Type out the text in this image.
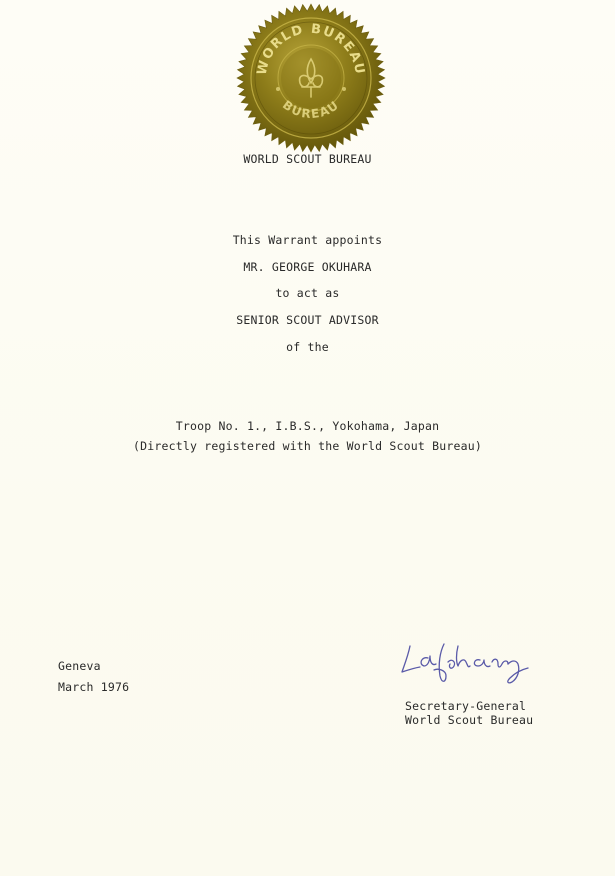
WORLD BUREAU
BUREAU
WORLD SCOUT BUREAU
This Warrant appoints
MR. GEORGE OKUHARA
to act as
SENIOR SCOUT ADVISOR
of the
Troop No. 1., I.B.S., Yokohama, Japan
(Directly registered with the World Scout Bureau)
Geneva
March 1976
Secretary-General
World Scout Bureau
